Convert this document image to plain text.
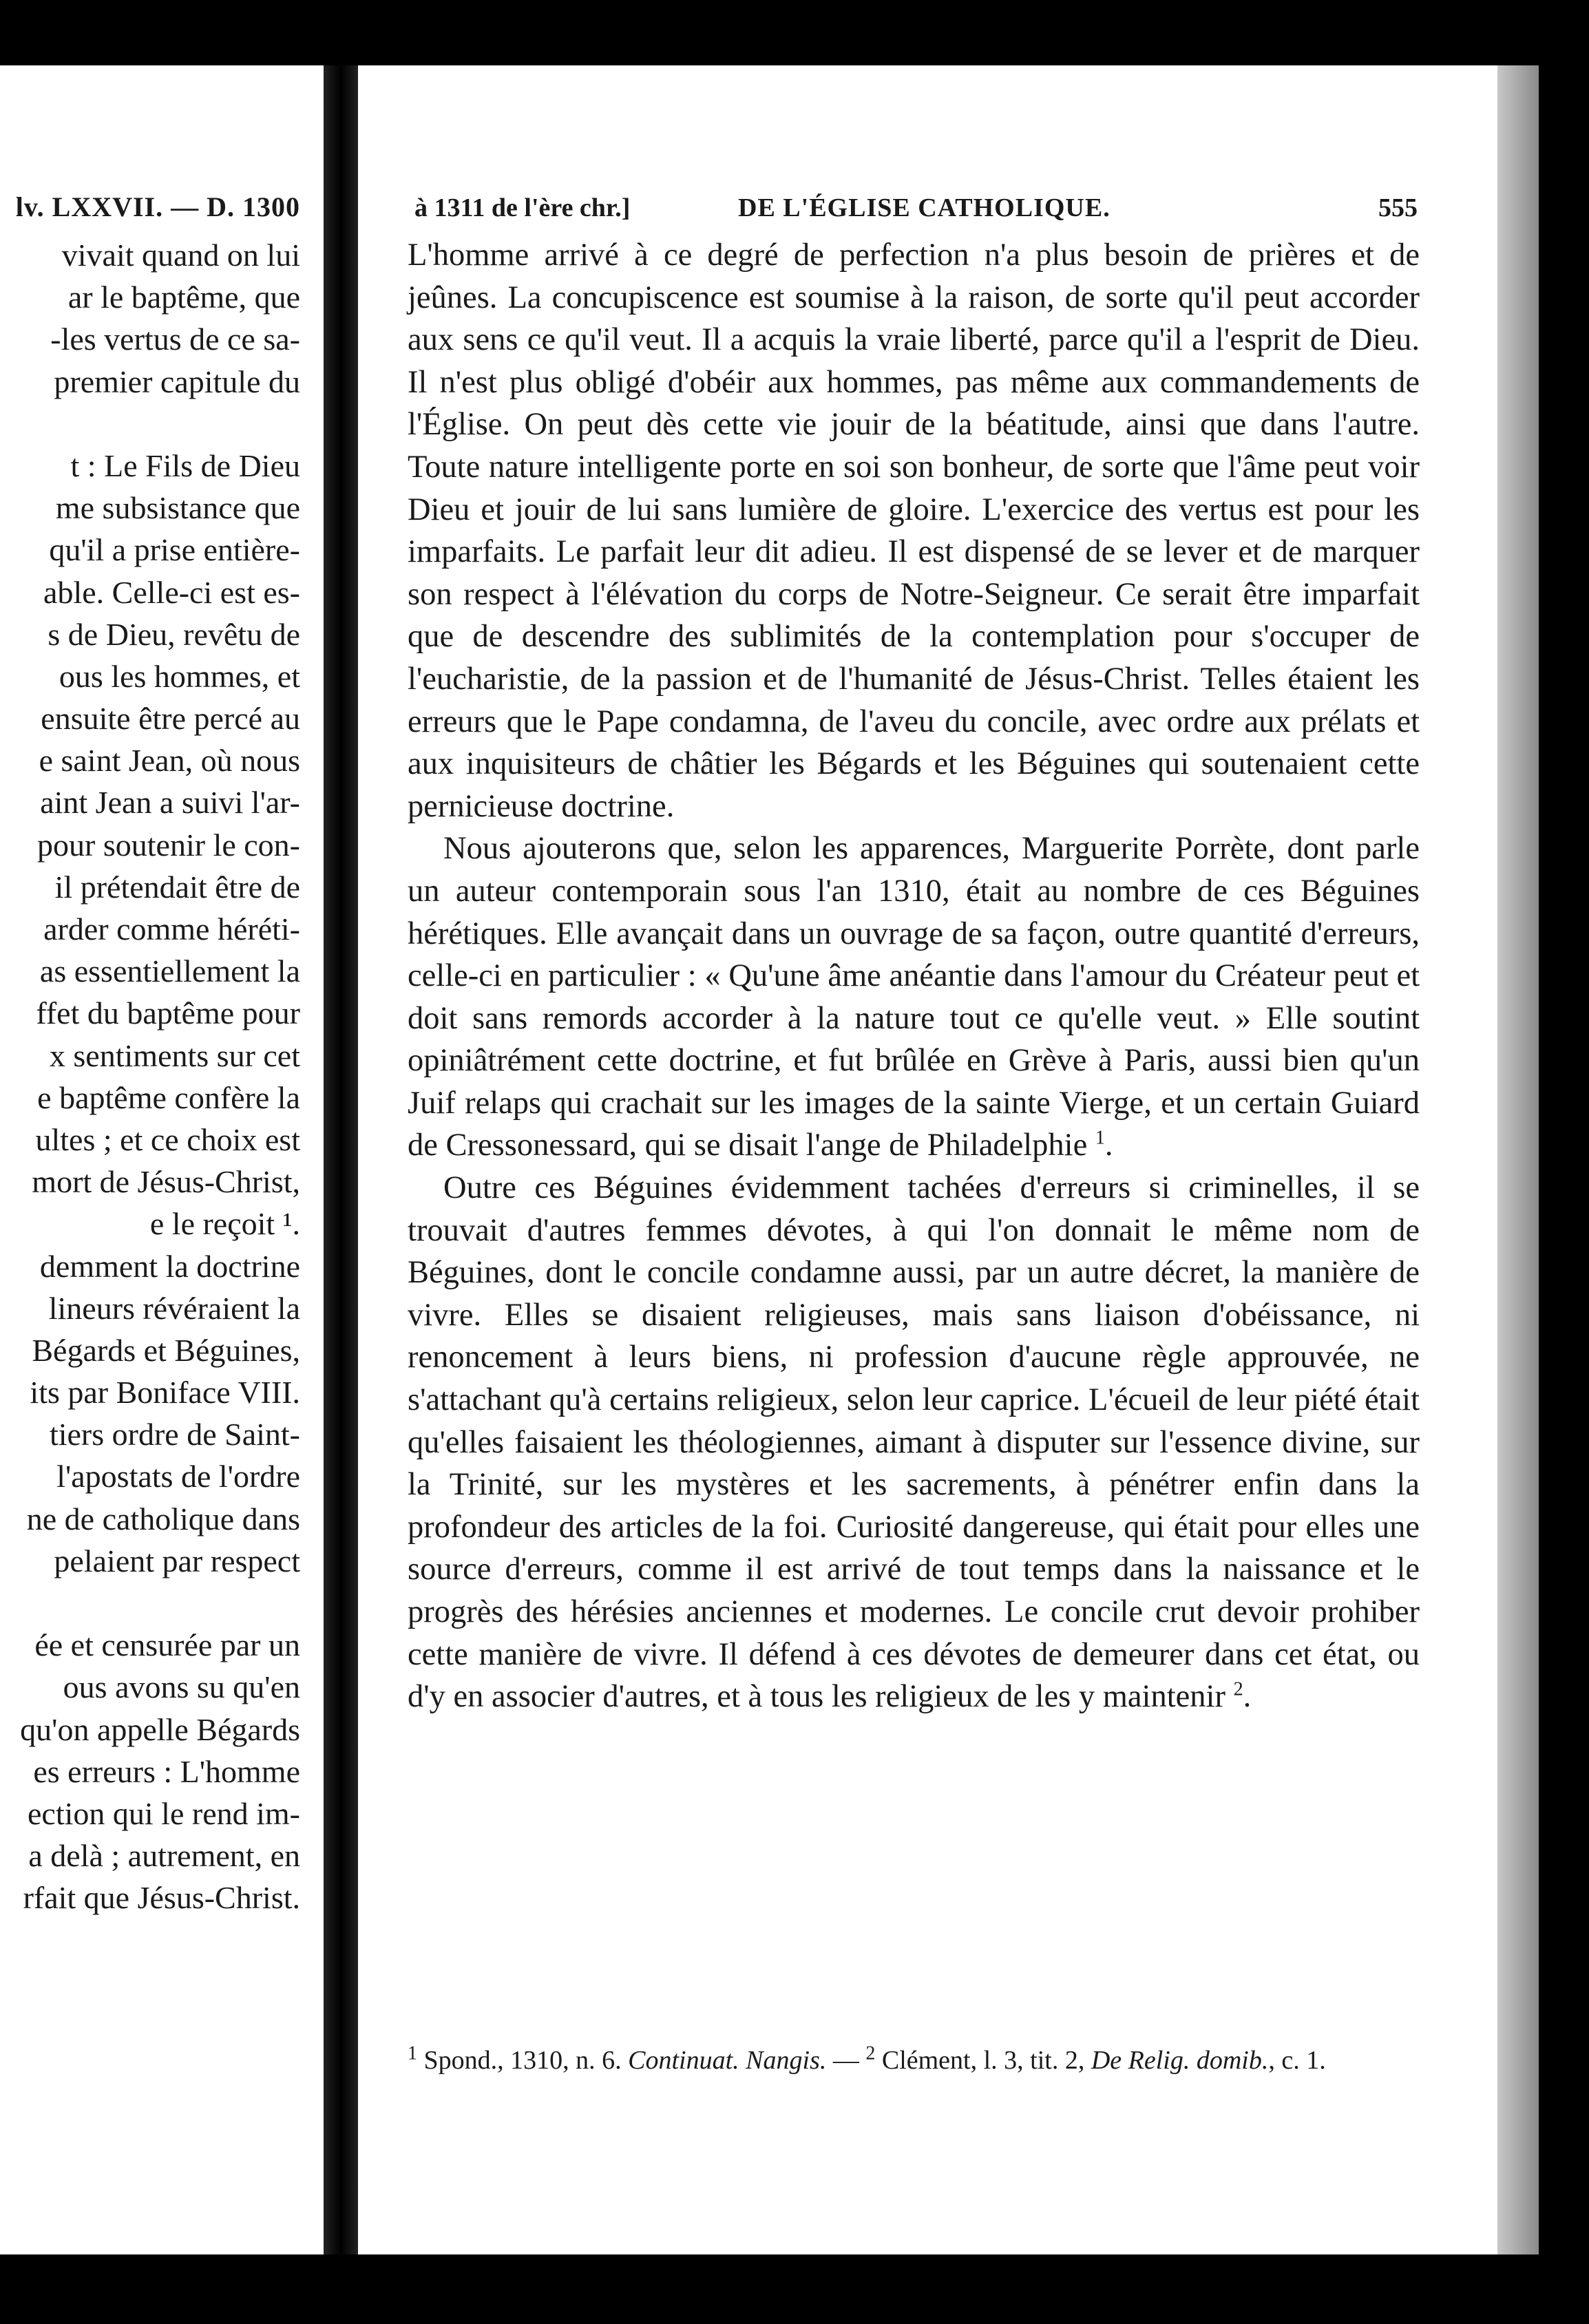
lv. LXXVII. — D. 1300
vivait quand on lui
ar le baptême, que
-les vertus de ce sa-
premier capitule du
t : Le Fils de Dieu
me subsistance que
qu'il a prise entière-
able. Celle-ci est es-
s de Dieu, revêtu de
ous les hommes, et
ensuite être percé au
e saint Jean, où nous
aint Jean a suivi l'ar-
pour soutenir le con-
il prétendait être de
arder comme héréti-
as essentiellement la
ffet du baptême pour
x sentiments sur cet
e baptême confère la
ultes ; et ce choix est
mort de Jésus-Christ,
e le reçoit ¹.
demment la doctrine
lineurs révéraient la
Bégards et Béguines,
its par Boniface VIII.
tiers ordre de Saint-
l'apostats de l'ordre
ne de catholique dans
pelaient par respect
ée et censurée par un
ous avons su qu'en
qu'on appelle Bégards
es erreurs : L'homme
ection qui le rend im-
a delà ; autrement, en
rfait que Jésus-Christ.
à 1311 de l'ère chr.]	DE L'ÉGLISE CATHOLIQUE.	555

L'homme arrivé à ce degré de perfection n'a plus besoin de prières et de jeûnes. La concupiscence est soumise à la raison, de sorte qu'il peut accorder aux sens ce qu'il veut. Il a acquis la vraie liberté, parce qu'il a l'esprit de Dieu. Il n'est plus obligé d'obéir aux hommes, pas même aux commandements de l'Église. On peut dès cette vie jouir de la béatitude, ainsi que dans l'autre. Toute nature intelligente porte en soi son bonheur, de sorte que l'âme peut voir Dieu et jouir de lui sans lumière de gloire. L'exercice des vertus est pour les imparfaits. Le parfait leur dit adieu. Il est dispensé de se lever et de marquer son respect à l'élévation du corps de Notre-Seigneur. Ce serait être imparfait que de descendre des sublimités de la contemplation pour s'occuper de l'eucharistie, de la passion et de l'humanité de Jésus-Christ. Telles étaient les erreurs que le Pape condamna, de l'aveu du concile, avec ordre aux prélats et aux inquisiteurs de châtier les Bégards et les Béguines qui soutenaient cette pernicieuse doctrine.

Nous ajouterons que, selon les apparences, Marguerite Porrète, dont parle un auteur contemporain sous l'an 1310, était au nombre de ces Béguines hérétiques. Elle avançait dans un ouvrage de sa façon, outre quantité d'erreurs, celle-ci en particulier : « Qu'une âme anéantie dans l'amour du Créateur peut et doit sans remords accorder à la nature tout ce qu'elle veut. » Elle soutint opiniâtrément cette doctrine, et fut brûlée en Grève à Paris, aussi bien qu'un Juif relaps qui crachait sur les images de la sainte Vierge, et un certain Guiard de Cressonessard, qui se disait l'ange de Philadelphie $^1$.

Outre ces Béguines évidemment tachées d'erreurs si criminelles, il se trouvait d'autres femmes dévotes, à qui l'on donnait le même nom de Béguines, dont le concile condamne aussi, par un autre décret, la manière de vivre. Elles se disaient religieuses, mais sans liaison d'obéissance, ni renoncement à leurs biens, ni profession d'aucune règle approuvée, ne s'attachant qu'à certains religieux, selon leur caprice. L'écueil de leur piété était qu'elles faisaient les théologiennes, aimant à disputer sur l'essence divine, sur la Trinité, sur les mystères et les sacrements, à pénétrer enfin dans la profondeur des articles de la foi. Curiosité dangereuse, qui était pour elles une source d'erreurs, comme il est arrivé de tout temps dans la naissance et le progrès des hérésies anciennes et modernes. Le concile crut devoir prohiber cette manière de vivre. Il défend à ces dévotes de demeurer dans cet état, ou d'y en associer d'autres, et à tous les religieux de les y maintenir $^2$.

$^1$ Spond., 1310, n. 6. Continuat. Nangis. — $^2$ Clément, l. 3, tit. 2, De Relig. domib., c. 1.
